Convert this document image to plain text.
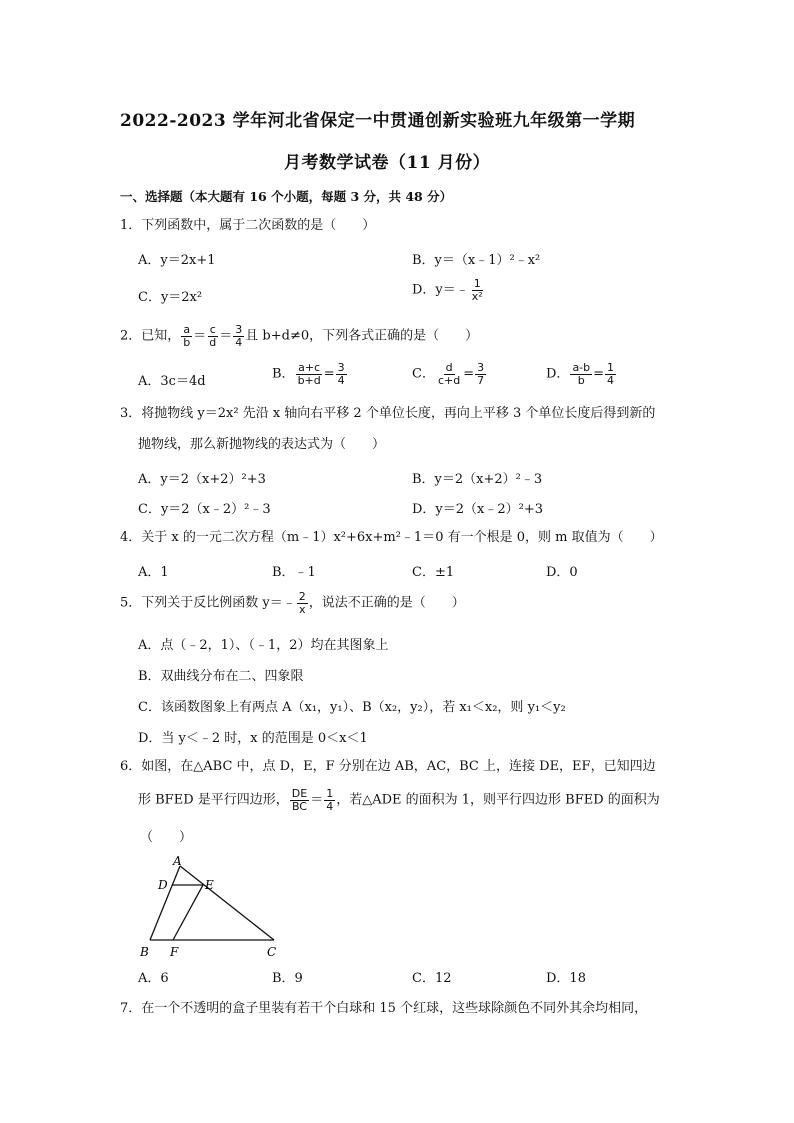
2022-2023 学年河北省保定一中贯通创新实验班九年级第一学期
月考数学试卷（11 月份）
一、选择题（本大题有 16 个小题，每题 3 分，共 48 分）
1．下列函数中，属于二次函数的是（　　）
A．y＝2x+1	B．y＝（x﹣1）²﹣x²
C．y＝2x²	D．y＝﹣ $\frac{1}{\text{x²}}$
2．已知， $\frac{a}{b} = \frac{c}{d} = \frac{3}{4}$ 且 b+d≠0，下列各式正确的是（　　）
A．3c＝4d	B． $\frac{a+c}{b+d} = \frac{3}{4}$	C． $\frac{d}{c+d} = \frac{3}{7}$	D． $\frac{a-b}{b} = \frac{1}{4}$
3．将抛物线 y＝2x² 先沿 x 轴向右平移 2 个单位长度，再向上平移 3 个单位长度后得到新的
抛物线，那么新抛物线的表达式为（　　）
A．y＝2（x+2）²+3	B．y＝2（x+2）²﹣3
C．y＝2（x﹣2）²﹣3	D．y＝2（x﹣2）²+3
4．关于 x 的一元二次方程（m﹣1）x²+6x+m²﹣1＝0 有一个根是 0，则 m 取值为（　　）
A．1	B．﹣1	C．±1	D．0
5．下列关于反比例函数 y＝﹣ $\frac{2}{x}$ ，说法不正确的是（　　）
A．点（﹣2，1）、（﹣1，2）均在其图象上
B．双曲线分布在二、四象限
C．该函数图象上有两点 A（x₁，y₁）、B（x₂，y₂），若 x₁＜x₂，则 y₁＜y₂
D．当 y＜﹣2 时，x 的范围是 0＜x＜1
6．如图，在△ABC 中，点 D，E，F 分别在边 AB，AC，BC 上，连接 DE，EF，已知四边
形 BFED 是平行四边形， $\frac{DE}{BC} = \frac{1}{4}$ ，若△ADE 的面积为 1，则平行四边形 BFED 的面积为
（　　）
A
D	E
B F	C
A．6	B．9	C．12	D．18
7．在一个不透明的盒子里装有若干个白球和 15 个红球，这些球除颜色不同外其余均相同，
